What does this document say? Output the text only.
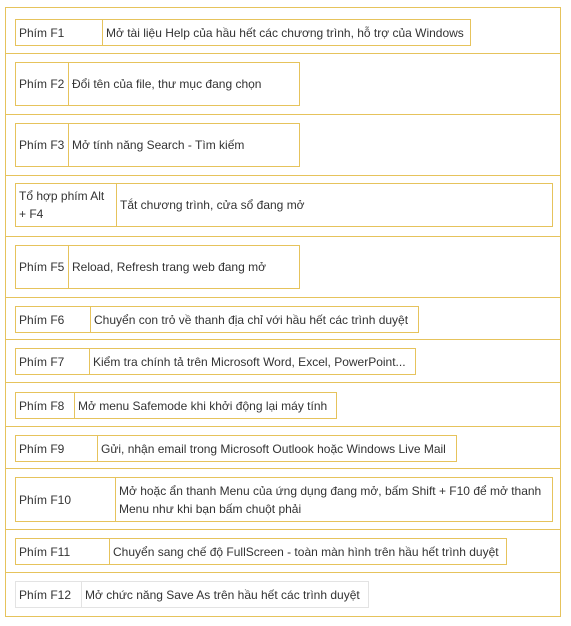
Phím F1	Mở tài liệu Help của hầu hết các chương trình, hỗ trợ của Windows
Phím F2	Đổi tên của file, thư mục đang chọn
Phím F3	Mở tính năng Search - Tìm kiếm
Tổ hợp phím Alt + F4	Tắt chương trình, cửa sổ đang mở
Phím F5	Reload, Refresh trang web đang mở
Phím F6	Chuyển con trỏ về thanh địa chỉ với hầu hết các trình duyệt
Phím F7	Kiểm tra chính tả trên Microsoft Word, Excel, PowerPoint...
Phím F8	Mở menu Safemode khi khởi động lại máy tính
Phím F9	Gửi, nhận email trong Microsoft Outlook hoặc Windows Live Mail
Phím F10	Mở hoặc ẩn thanh Menu của ứng dụng đang mở, bấm Shift + F10 để mở thanh Menu như khi bạn bấm chuột phải
Phím F11	Chuyển sang chế độ FullScreen - toàn màn hình trên hầu hết trình duyệt
Phím F12	Mở chức năng Save As trên hầu hết các trình duyệt
